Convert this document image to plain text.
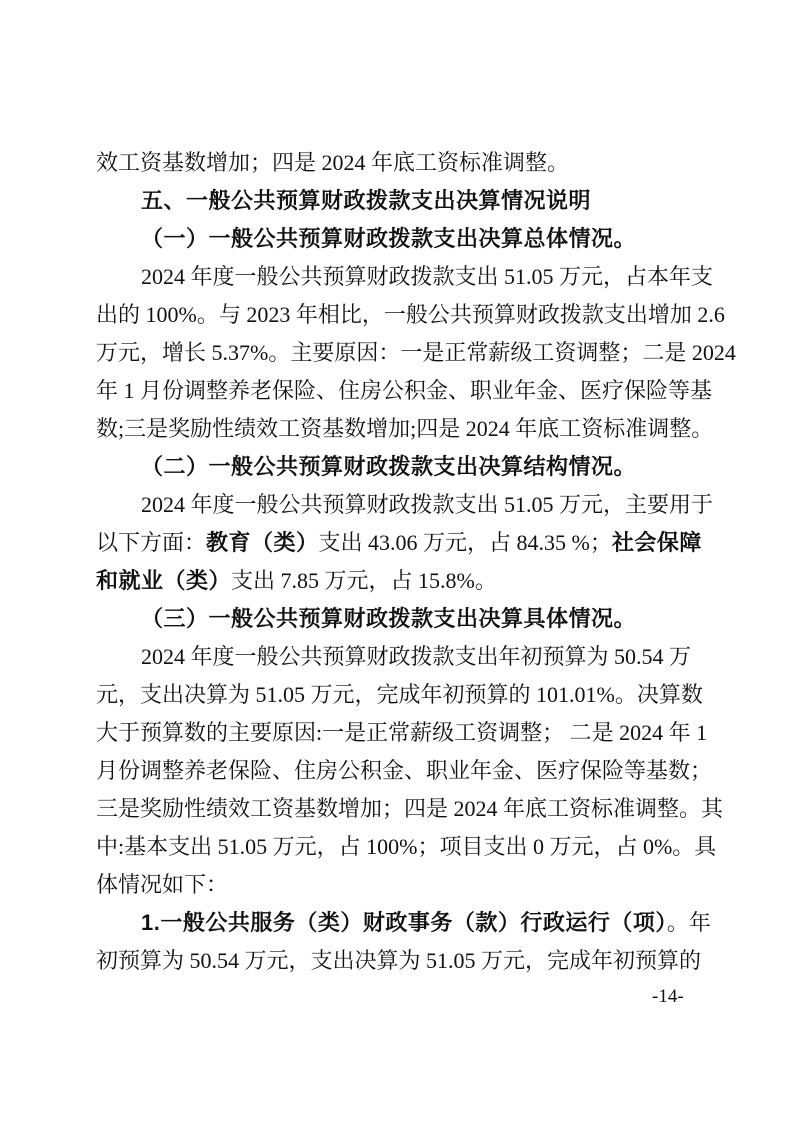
效工资基数增加；四是 2024 年底工资标准调整。
五、一般公共预算财政拨款支出决算情况说明
（一）一般公共预算财政拨款支出决算总体情况。
2024 年度一般公共预算财政拨款支出 51.05 万元，占本年支
出的 100%。与 2023 年相比，一般公共预算财政拨款支出增加 2.6
万元，增长 5.37%。主要原因：一是正常薪级工资调整；二是 2024
年 1 月份调整养老保险、住房公积金、职业年金、医疗保险等基
数;三是奖励性绩效工资基数增加;四是 2024 年底工资标准调整。
（二）一般公共预算财政拨款支出决算结构情况。
2024 年度一般公共预算财政拨款支出 51.05 万元，主要用于
以下方面：教育（类）支出 43.06 万元，占 84.35 %；社会保障
和就业（类）支出 7.85 万元，占 15.8%。
（三）一般公共预算财政拨款支出决算具体情况。
2024 年度一般公共预算财政拨款支出年初预算为 50.54 万
元，支出决算为 51.05 万元，完成年初预算的 101.01%。决算数
大于预算数的主要原因:一是正常薪级工资调整； 二是 2024 年 1
月份调整养老保险、住房公积金、职业年金、医疗保险等基数；
三是奖励性绩效工资基数增加；四是 2024 年底工资标准调整。其
中:基本支出 51.05 万元，占 100%；项目支出 0 万元，占 0%。具
体情况如下：
1.一般公共服务（类）财政事务（款）行政运行（项）。年
初预算为 50.54 万元，支出决算为 51.05 万元，完成年初预算的
-14-
